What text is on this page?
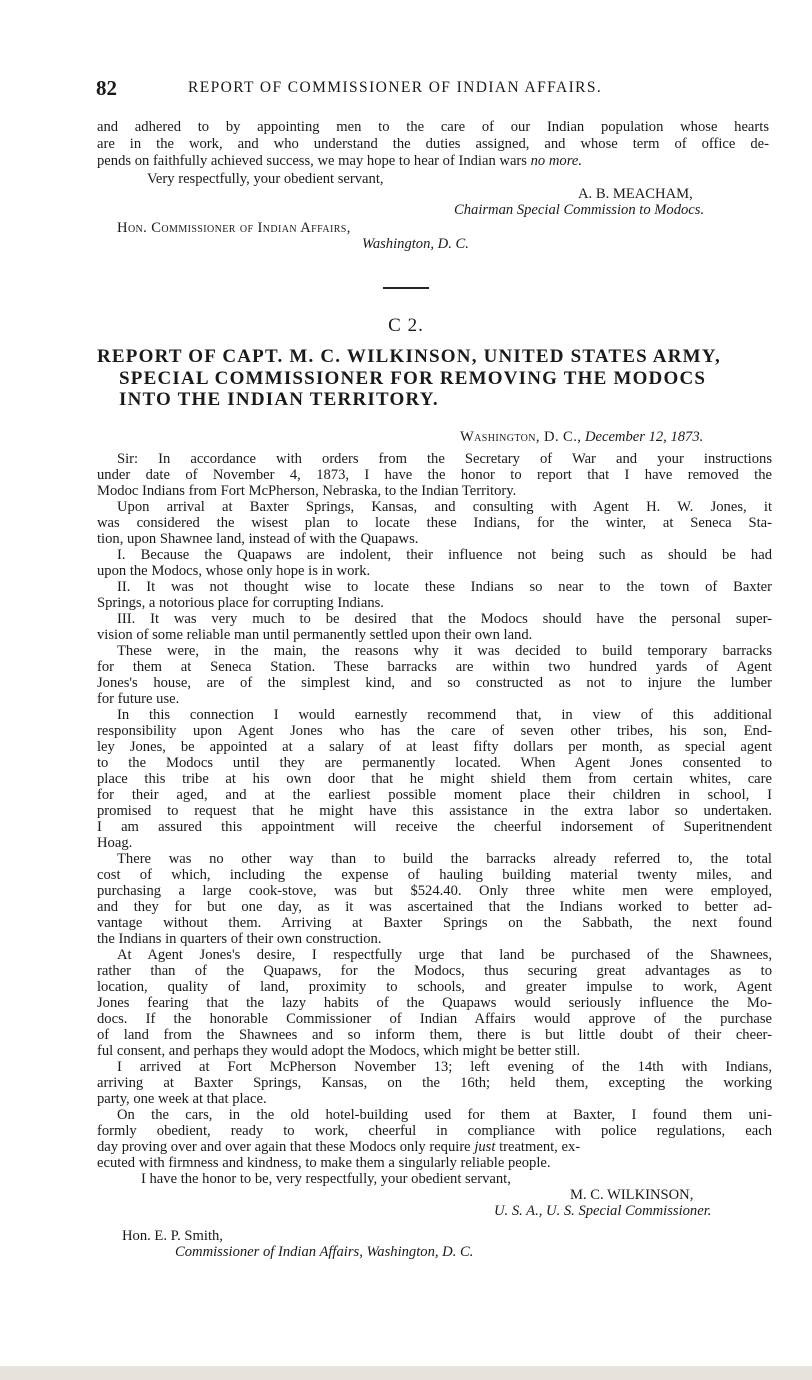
82	REPORT OF COMMISSIONER OF INDIAN AFFAIRS.
and adhered to by appointing men to the care of our Indian population whose hearts
are in the work, and who understand the duties assigned, and whose term of office de-
pends on faithfully achieved success, we may hope to hear of Indian wars no more.
Very respectfully, your obedient servant,
A. B. MEACHAM,
Chairman Special Commission to Modocs.
Hon. Commissioner of Indian Affairs,
Washington, D. C.
C 2.
REPORT OF CAPT. M. C. WILKINSON, UNITED STATES ARMY,
SPECIAL COMMISSIONER FOR REMOVING THE MODOCS
INTO THE INDIAN TERRITORY.
Washington, D. C., December 12, 1873.
Sir: In accordance with orders from the Secretary of War and your instructions
under date of November 4, 1873, I have the honor to report that I have removed the
Modoc Indians from Fort McPherson, Nebraska, to the Indian Territory.
Upon arrival at Baxter Springs, Kansas, and consulting with Agent H. W. Jones, it
was considered the wisest plan to locate these Indians, for the winter, at Seneca Sta-
tion, upon Shawnee land, instead of with the Quapaws.
I. Because the Quapaws are indolent, their influence not being such as should be had
upon the Modocs, whose only hope is in work.
II. It was not thought wise to locate these Indians so near to the town of Baxter
Springs, a notorious place for corrupting Indians.
III. It was very much to be desired that the Modocs should have the personal super-
vision of some reliable man until permanently settled upon their own land.
These were, in the main, the reasons why it was decided to build temporary barracks
for them at Seneca Station. These barracks are within two hundred yards of Agent
Jones's house, are of the simplest kind, and so constructed as not to injure the lumber
for future use.
In this connection I would earnestly recommend that, in view of this additional
responsibility upon Agent Jones who has the care of seven other tribes, his son, End-
ley Jones, be appointed at a salary of at least fifty dollars per month, as special agent
to the Modocs until they are permanently located. When Agent Jones consented to
place this tribe at his own door that he might shield them from certain whites, care
for their aged, and at the earliest possible moment place their children in school, I
promised to request that he might have this assistance in the extra labor so undertaken.
I am assured this appointment will receive the cheerful indorsement of Superitnendent
Hoag.
There was no other way than to build the barracks already referred to, the total
cost of which, including the expense of hauling building material twenty miles, and
purchasing a large cook-stove, was but $524.40. Only three white men were employed,
and they for but one day, as it was ascertained that the Indians worked to better ad-
vantage without them. Arriving at Baxter Springs on the Sabbath, the next found
the Indians in quarters of their own construction.
At Agent Jones's desire, I respectfully urge that land be purchased of the Shawnees,
rather than of the Quapaws, for the Modocs, thus securing great advantages as to
location, quality of land, proximity to schools, and greater impulse to work, Agent
Jones fearing that the lazy habits of the Quapaws would seriously influence the Mo-
docs. If the honorable Commissioner of Indian Affairs would approve of the purchase
of land from the Shawnees and so inform them, there is but little doubt of their cheer-
ful consent, and perhaps they would adopt the Modocs, which might be better still.
I arrived at Fort McPherson November 13; left evening of the 14th with Indians,
arriving at Baxter Springs, Kansas, on the 16th; held them, excepting the working
party, one week at that place.
On the cars, in the old hotel-building used for them at Baxter, I found them uni-
formly obedient, ready to work, cheerful in compliance with police regulations, each
day proving over and over again that these Modocs only require just treatment, ex-
ecuted with firmness and kindness, to make them a singularly reliable people.
I have the honor to be, very respectfully, your obedient servant,
M. C. WILKINSON,
U. S. A., U. S. Special Commissioner.
Hon. E. P. Smith,
Commissioner of Indian Affairs, Washington, D. C.
